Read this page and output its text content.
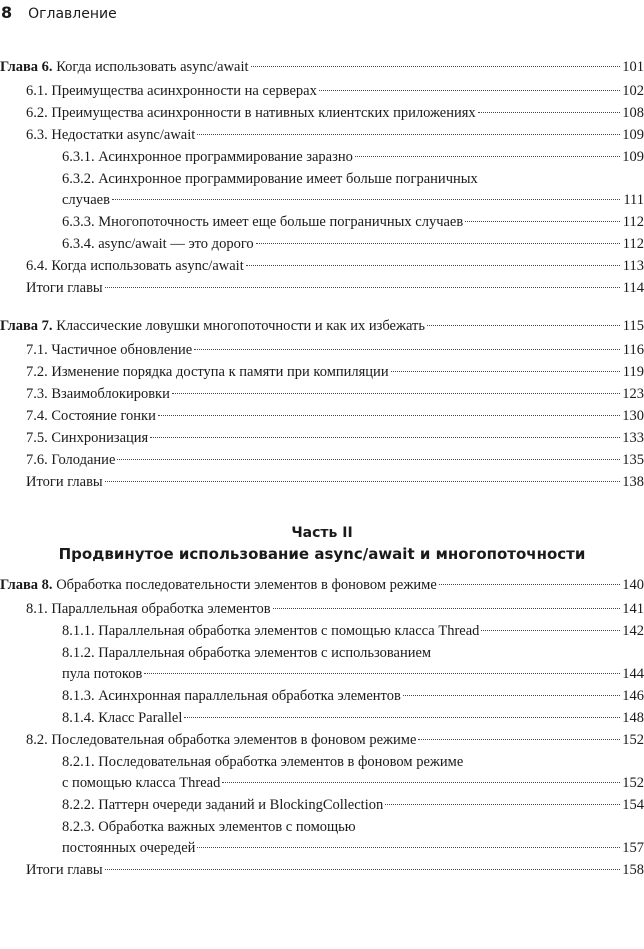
8 Оглавление
Глава 6. Когда использовать async/await	101
6.1. Преимущества асинхронности на серверах	102
6.2. Преимущества асинхронности в нативных клиентских приложениях	108
6.3. Недостатки async/await	109
6.3.1. Асинхронное программирование заразно	109
6.3.2. Асинхронное программирование имеет больше пограничных
случаев	111
6.3.3. Многопоточность имеет еще больше пограничных случаев	112
6.3.4. async/await — это дорого	112
6.4. Когда использовать async/await	113
Итоги главы	114
Глава 7. Классические ловушки многопоточности и как их избежать	115
7.1. Частичное обновление	116
7.2. Изменение порядка доступа к памяти при компиляции	119
7.3. Взаимоблокировки	123
7.4. Состояние гонки	130
7.5. Синхронизация	133
7.6. Голодание	135
Итоги главы	138
Часть II
Продвинутое использование async/await и многопоточности
Глава 8. Обработка последовательности элементов в фоновом режиме	140
8.1. Параллельная обработка элементов	141
8.1.1. Параллельная обработка элементов с помощью класса Thread	142
8.1.2. Параллельная обработка элементов с использованием
пула потоков	144
8.1.3. Асинхронная параллельная обработка элементов	146
8.1.4. Класс Parallel	148
8.2. Последовательная обработка элементов в фоновом режиме	152
8.2.1. Последовательная обработка элементов в фоновом режиме
с помощью класса Thread	152
8.2.2. Паттерн очереди заданий и BlockingCollection	154
8.2.3. Обработка важных элементов с помощью
постоянных очередей	157
Итоги главы	158
